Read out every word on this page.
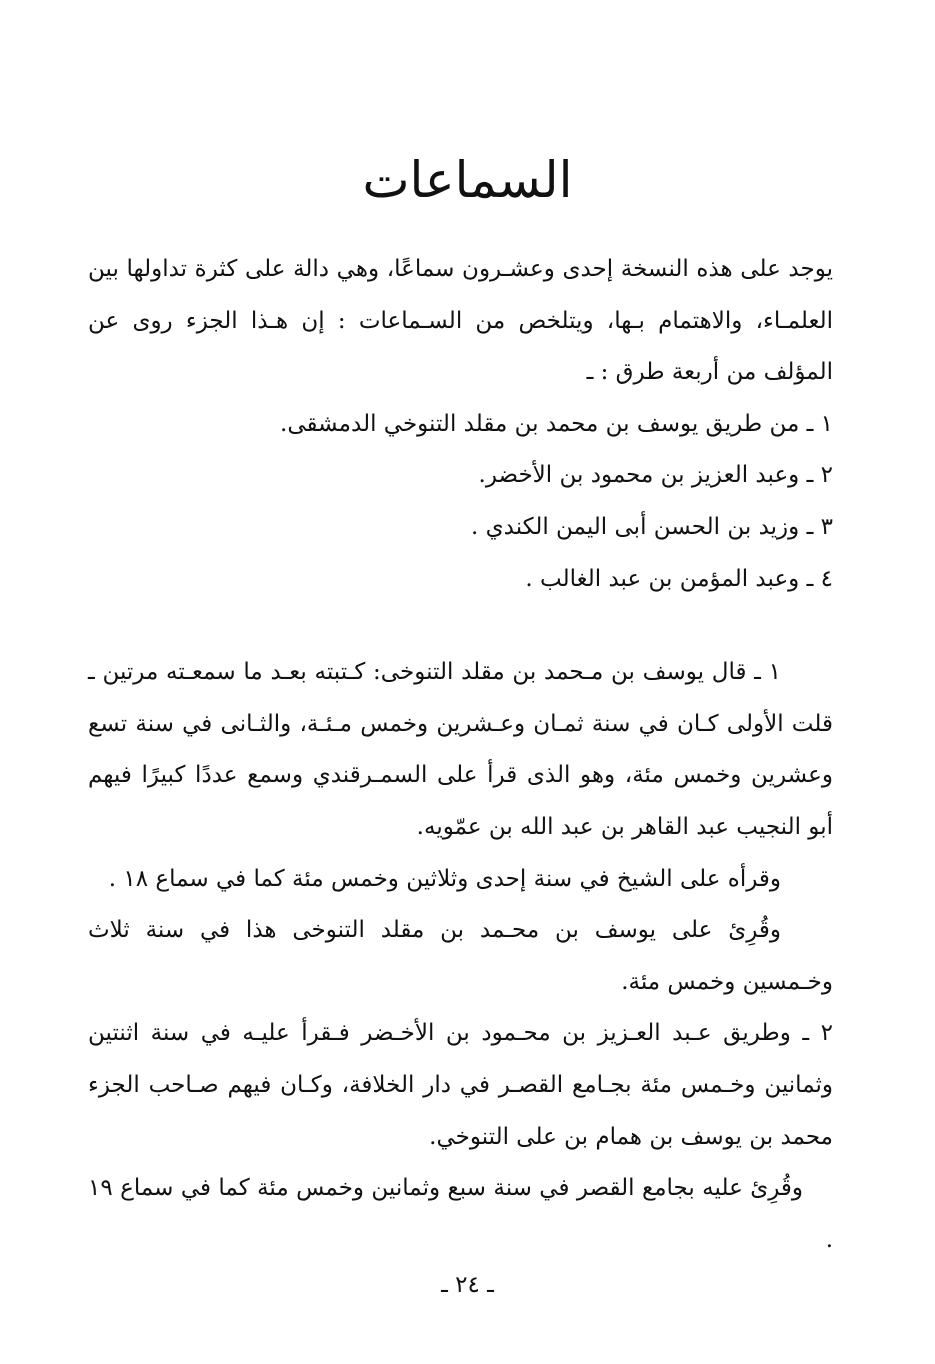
السماعات

يوجد على هذه النسخة إحدى وعشـرون سماعًا، وهي دالة على كثرة تداولها بين العلمـاء، والاهتمام بـها، ويتلخص من السـماعات : إن هـذا الجزء روى عن المؤلف من أربعة طرق : ـ

١ ـ من طريق يوسف بن محمد بن مقلد التنوخي الدمشقى.

٢ ـ وعبد العزيز بن محمود بن الأخضر.

٣ ـ وزيد بن الحسن أبى اليمن الكندي .

٤ ـ وعبد المؤمن بن عبد الغالب .

١ ـ قال يوسف بن مـحمد بن مقلد التنوخى: كـتبته بعـد ما سمعـته مرتين ـ قلت الأولى كـان في سنة ثمـان وعـشرين وخمس مـئـة، والثـانى في سنة تسع وعشرين وخمس مئة، وهو الذى قرأ على السمـرقندي وسمع عددًا كبيرًا فيهم أبو النجيب عبد القاهر بن عبد الله بن عمّويه.

وقرأه على الشيخ في سنة إحدى وثلاثين وخمس مئة كما في سماع ١٨ .

وقُرِئ على يوسف بن محـمد بن مقلد التنوخى هذا في سنة ثلاث وخـمسين وخمس مئة.

٢ ـ وطريق عـبد العـزيز بن محـمود بن الأخـضر فـقرأ عليـه في سنة اثنتين وثمانين وخـمس مئة بجـامع القصـر في دار الخلافة، وكـان فيهم صـاحب الجزء محمد بن يوسف بن همام بن على التنوخي.

وقُرِئ عليه بجامع القصر في سنة سبع وثمانين وخمس مئة كما في سماع ١٩ .

ـ ٢٤ ـ
